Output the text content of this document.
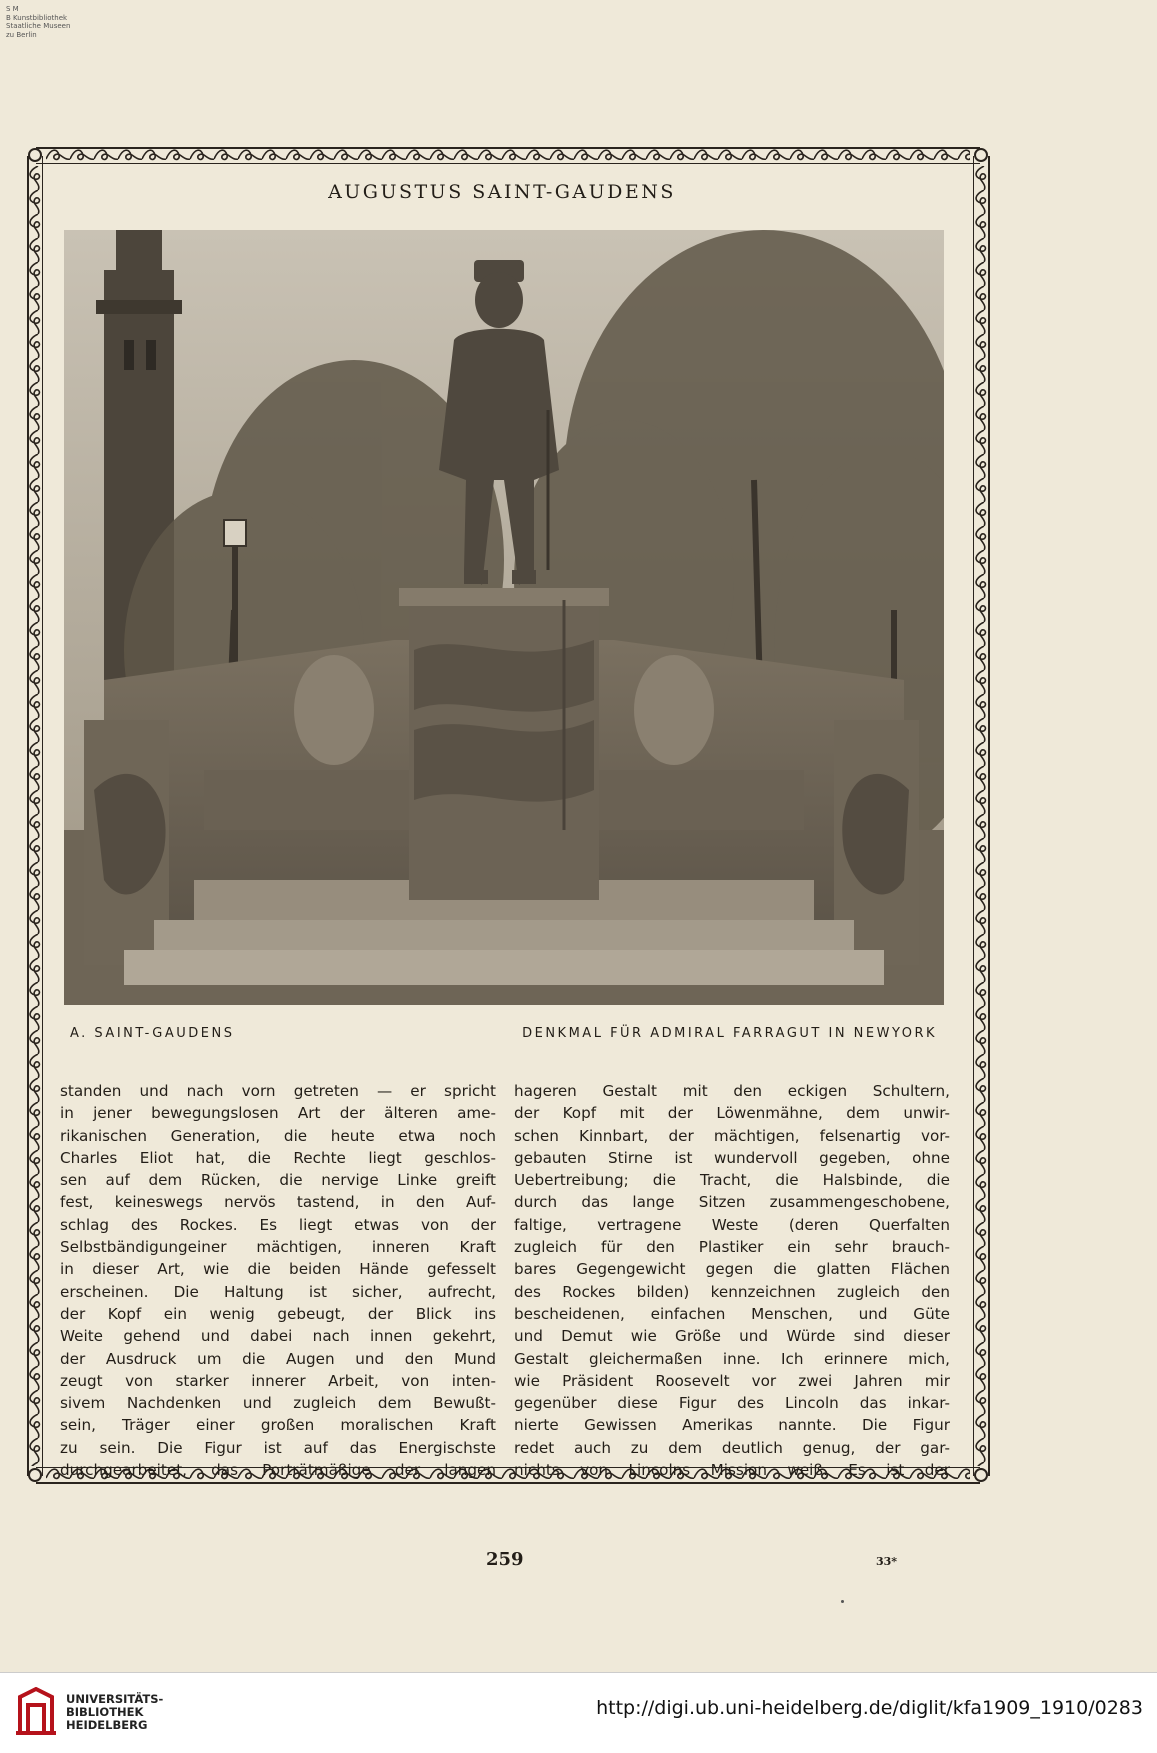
S M
B Kunstbibliothek
Staatliche Museen
zu Berlin
AUGUSTUS SAINT-GAUDENS
A. SAINT-GAUDENS	DENKMAL FÜR ADMIRAL FARRAGUT IN NEWYORK
standen und nach vorn getreten — er spricht
in jener bewegungslosen Art der älteren ame-
rikanischen Generation, die heute etwa noch
Charles Eliot hat, die Rechte liegt geschlos-
sen auf dem Rücken, die nervige Linke greift
fest, keineswegs nervös tastend, in den Auf-
schlag des Rockes. Es liegt etwas von der
Selbstbändigungeiner mächtigen, inneren Kraft
in dieser Art, wie die beiden Hände gefesselt
erscheinen. Die Haltung ist sicher, aufrecht,
der Kopf ein wenig gebeugt, der Blick ins
Weite gehend und dabei nach innen gekehrt,
der Ausdruck um die Augen und den Mund
zeugt von starker innerer Arbeit, von inten-
sivem Nachdenken und zugleich dem Bewußt-
sein, Träger einer großen moralischen Kraft
zu sein. Die Figur ist auf das Energischste
durchgearbeitet, das Porträtmäßige der langen
hageren Gestalt mit den eckigen Schultern,
der Kopf mit der Löwenmähne, dem unwir-
schen Kinnbart, der mächtigen, felsenartig vor-
gebauten Stirne ist wundervoll gegeben, ohne
Uebertreibung; die Tracht, die Halsbinde, die
durch das lange Sitzen zusammengeschobene,
faltige, vertragene Weste (deren Querfalten
zugleich für den Plastiker ein sehr brauch-
bares Gegengewicht gegen die glatten Flächen
des Rockes bilden) kennzeichnen zugleich den
bescheidenen, einfachen Menschen, und Güte
und Demut wie Größe und Würde sind dieser
Gestalt gleichermaßen inne. Ich erinnere mich,
wie Präsident Roosevelt vor zwei Jahren mir
gegenüber diese Figur des Lincoln das inkar-
nierte Gewissen Amerikas nannte. Die Figur
redet auch zu dem deutlich genug, der gar-
nichts von Lincolns Mission weiß. Es ist der
259	33*
UNIVERSITÄTS-
BIBLIOTHEK
HEIDELBERG
http://digi.ub.uni-heidelberg.de/diglit/kfa1909_1910/0283
